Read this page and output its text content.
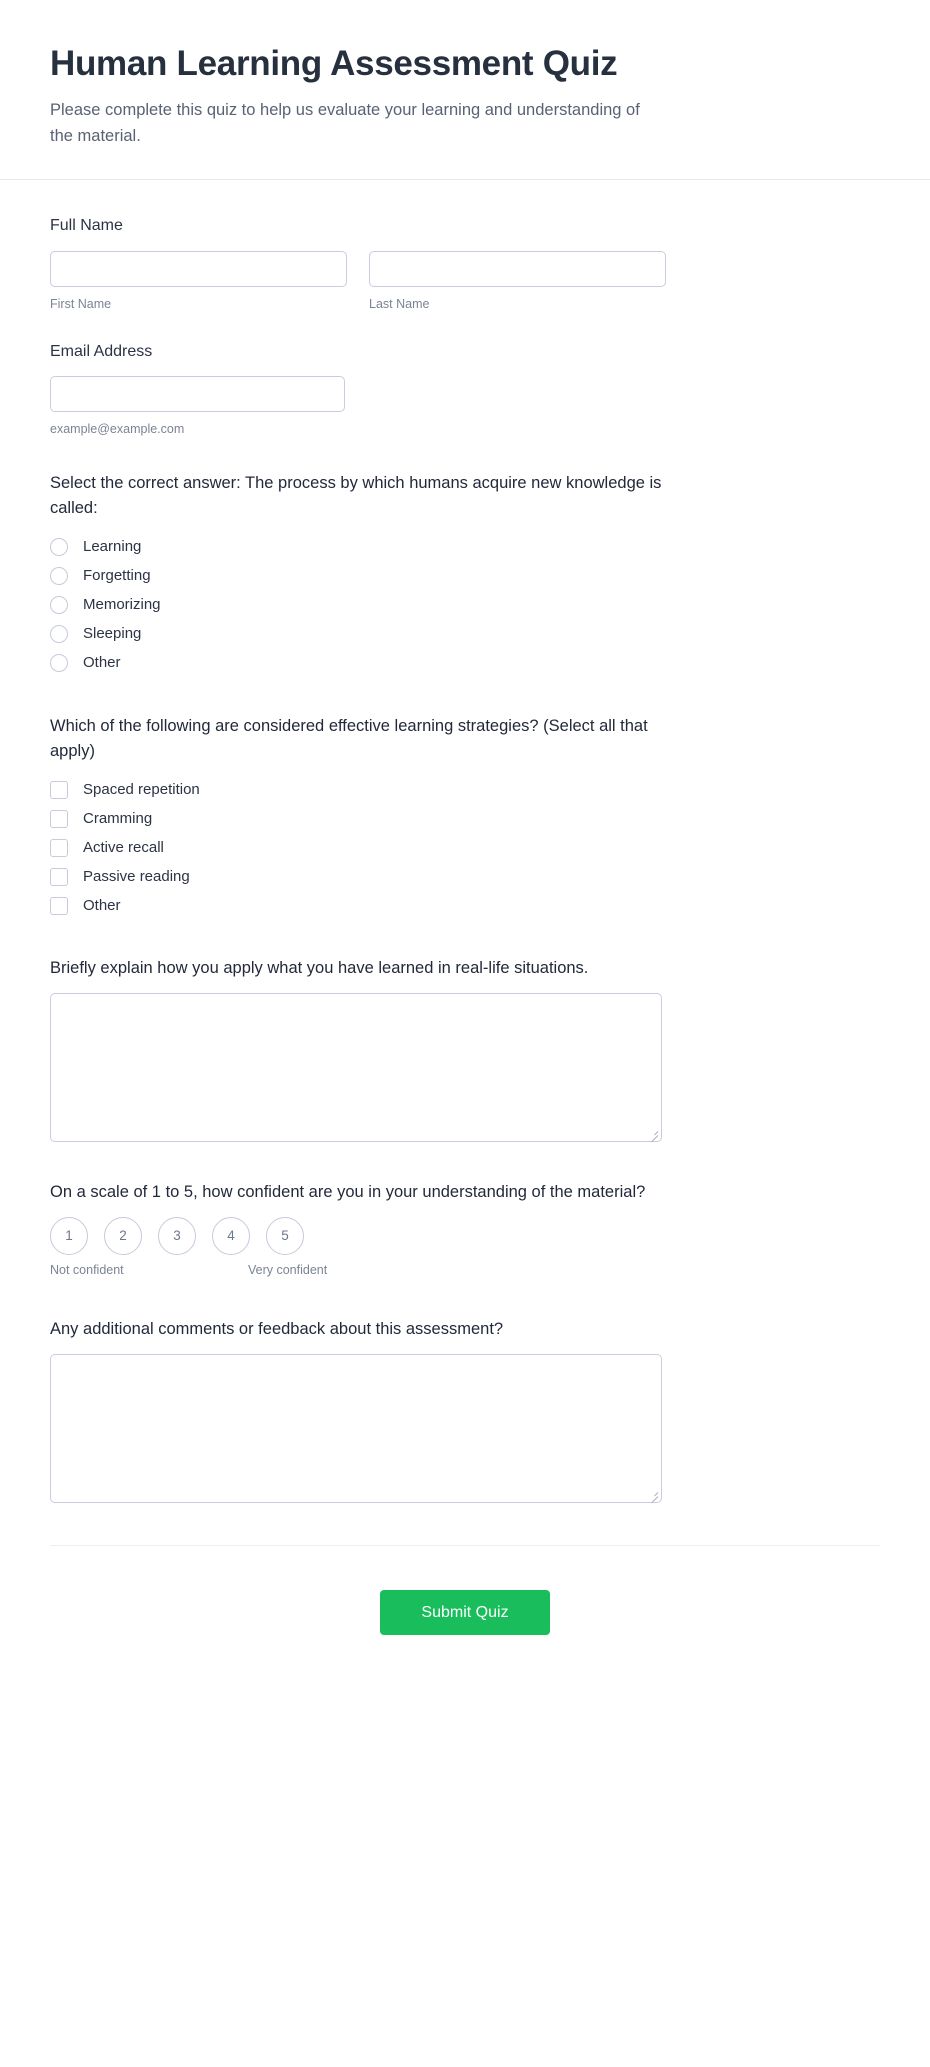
Human Learning Assessment Quiz

Please complete this quiz to help us evaluate your learning and understanding of the material.

Full Name
First Name	Last Name
Email Address
example@example.com
Select the correct answer: The process by which humans acquire new knowledge is called:
Learning
Forgetting
Memorizing
Sleeping
Other
Which of the following are considered effective learning strategies? (Select all that apply)
Spaced repetition
Cramming
Active recall
Passive reading
Other
Briefly explain how you apply what you have learned in real-life situations.
On a scale of 1 to 5, how confident are you in your understanding of the material?
1	2	3	4	5
Not confident	Very confident
Any additional comments or feedback about this assessment?
Submit Quiz
